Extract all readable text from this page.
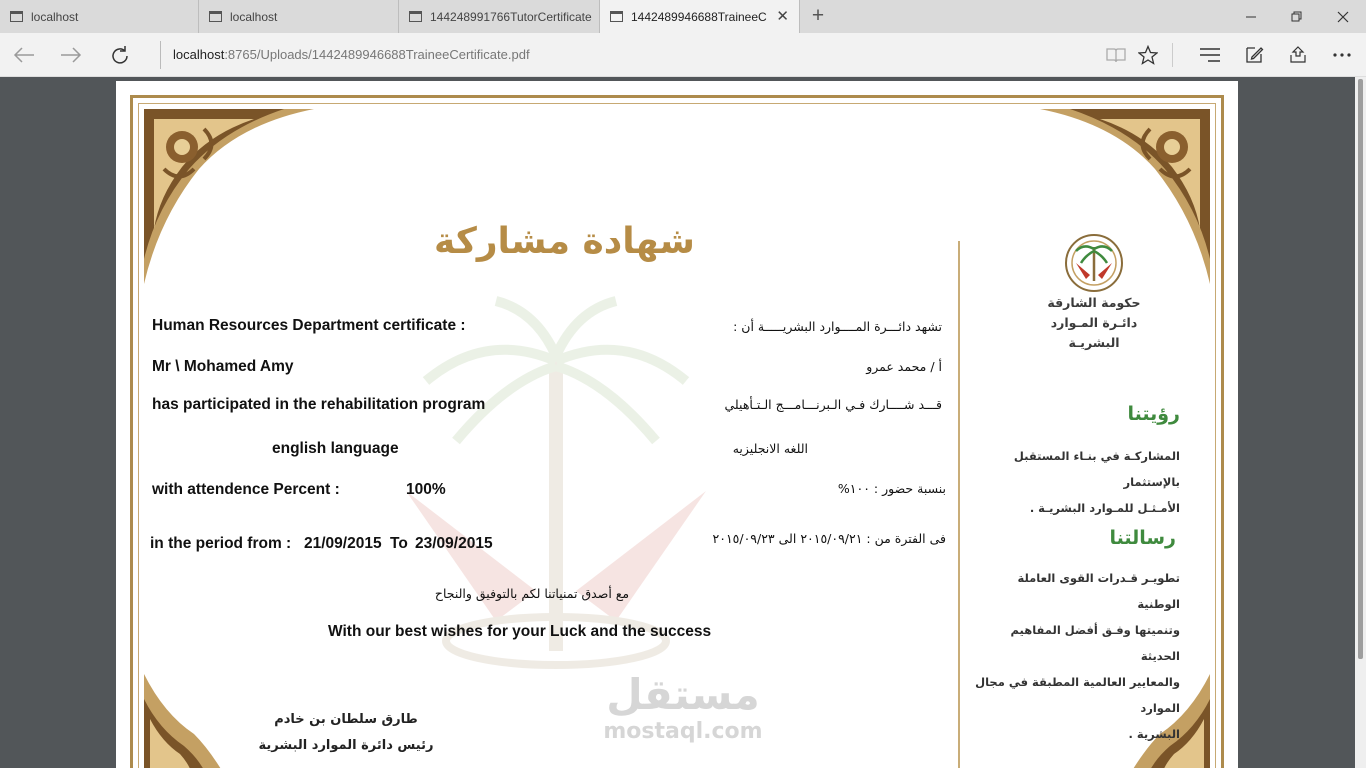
localhost	localhost	1442489917​66TutorCertificate	1442489946688TraineeC ✕ +
localhost:8765/Uploads/1442489946688TraineeCertificate.pdf
شهادة مشاركة
Human Resources Department certificate :
Mr \ Mohamed Amy
has participated in the rehabilitation program
english language
with attendence Percent :	100%
in the period from : 21/09/2015 To 23/09/2015
تشهد دائـــرة المــــوارد البشريـــــة أن :
أ / محمد عمرو
قـــد شــــارك فـي الـبرنـــامـــج الـتـأهيلي
اللغه الانجليزيه
بنسبة حضور : ١٠٠%
فى الفترة من : ٢٠١٥/٠٩/٢١ الى ٢٠١٥/٠٩/٢٣
مع أصدق تمنياتنا لكم بالتوفيق والنجاح
With our best wishes for your Luck and the success
حكومة الشارقة
دائـرة المـوارد البشريـة
رؤيتنا
المشاركـة في بنـاء المستقبل بالإستثمار
الأمـثـل للمـوارد البشريـة .
رسالتنا
تطويـر قـدرات القوى العاملة الوطنية
وتنميتها وفـق أفضل المفاهيم الحديثة
والمعايير العالمية المطبقة في مجال الموارد
البشرية .
طارق سلطان بن خادم
رئيس دائرة الموارد البشرية
مستقل
mostaql.com
